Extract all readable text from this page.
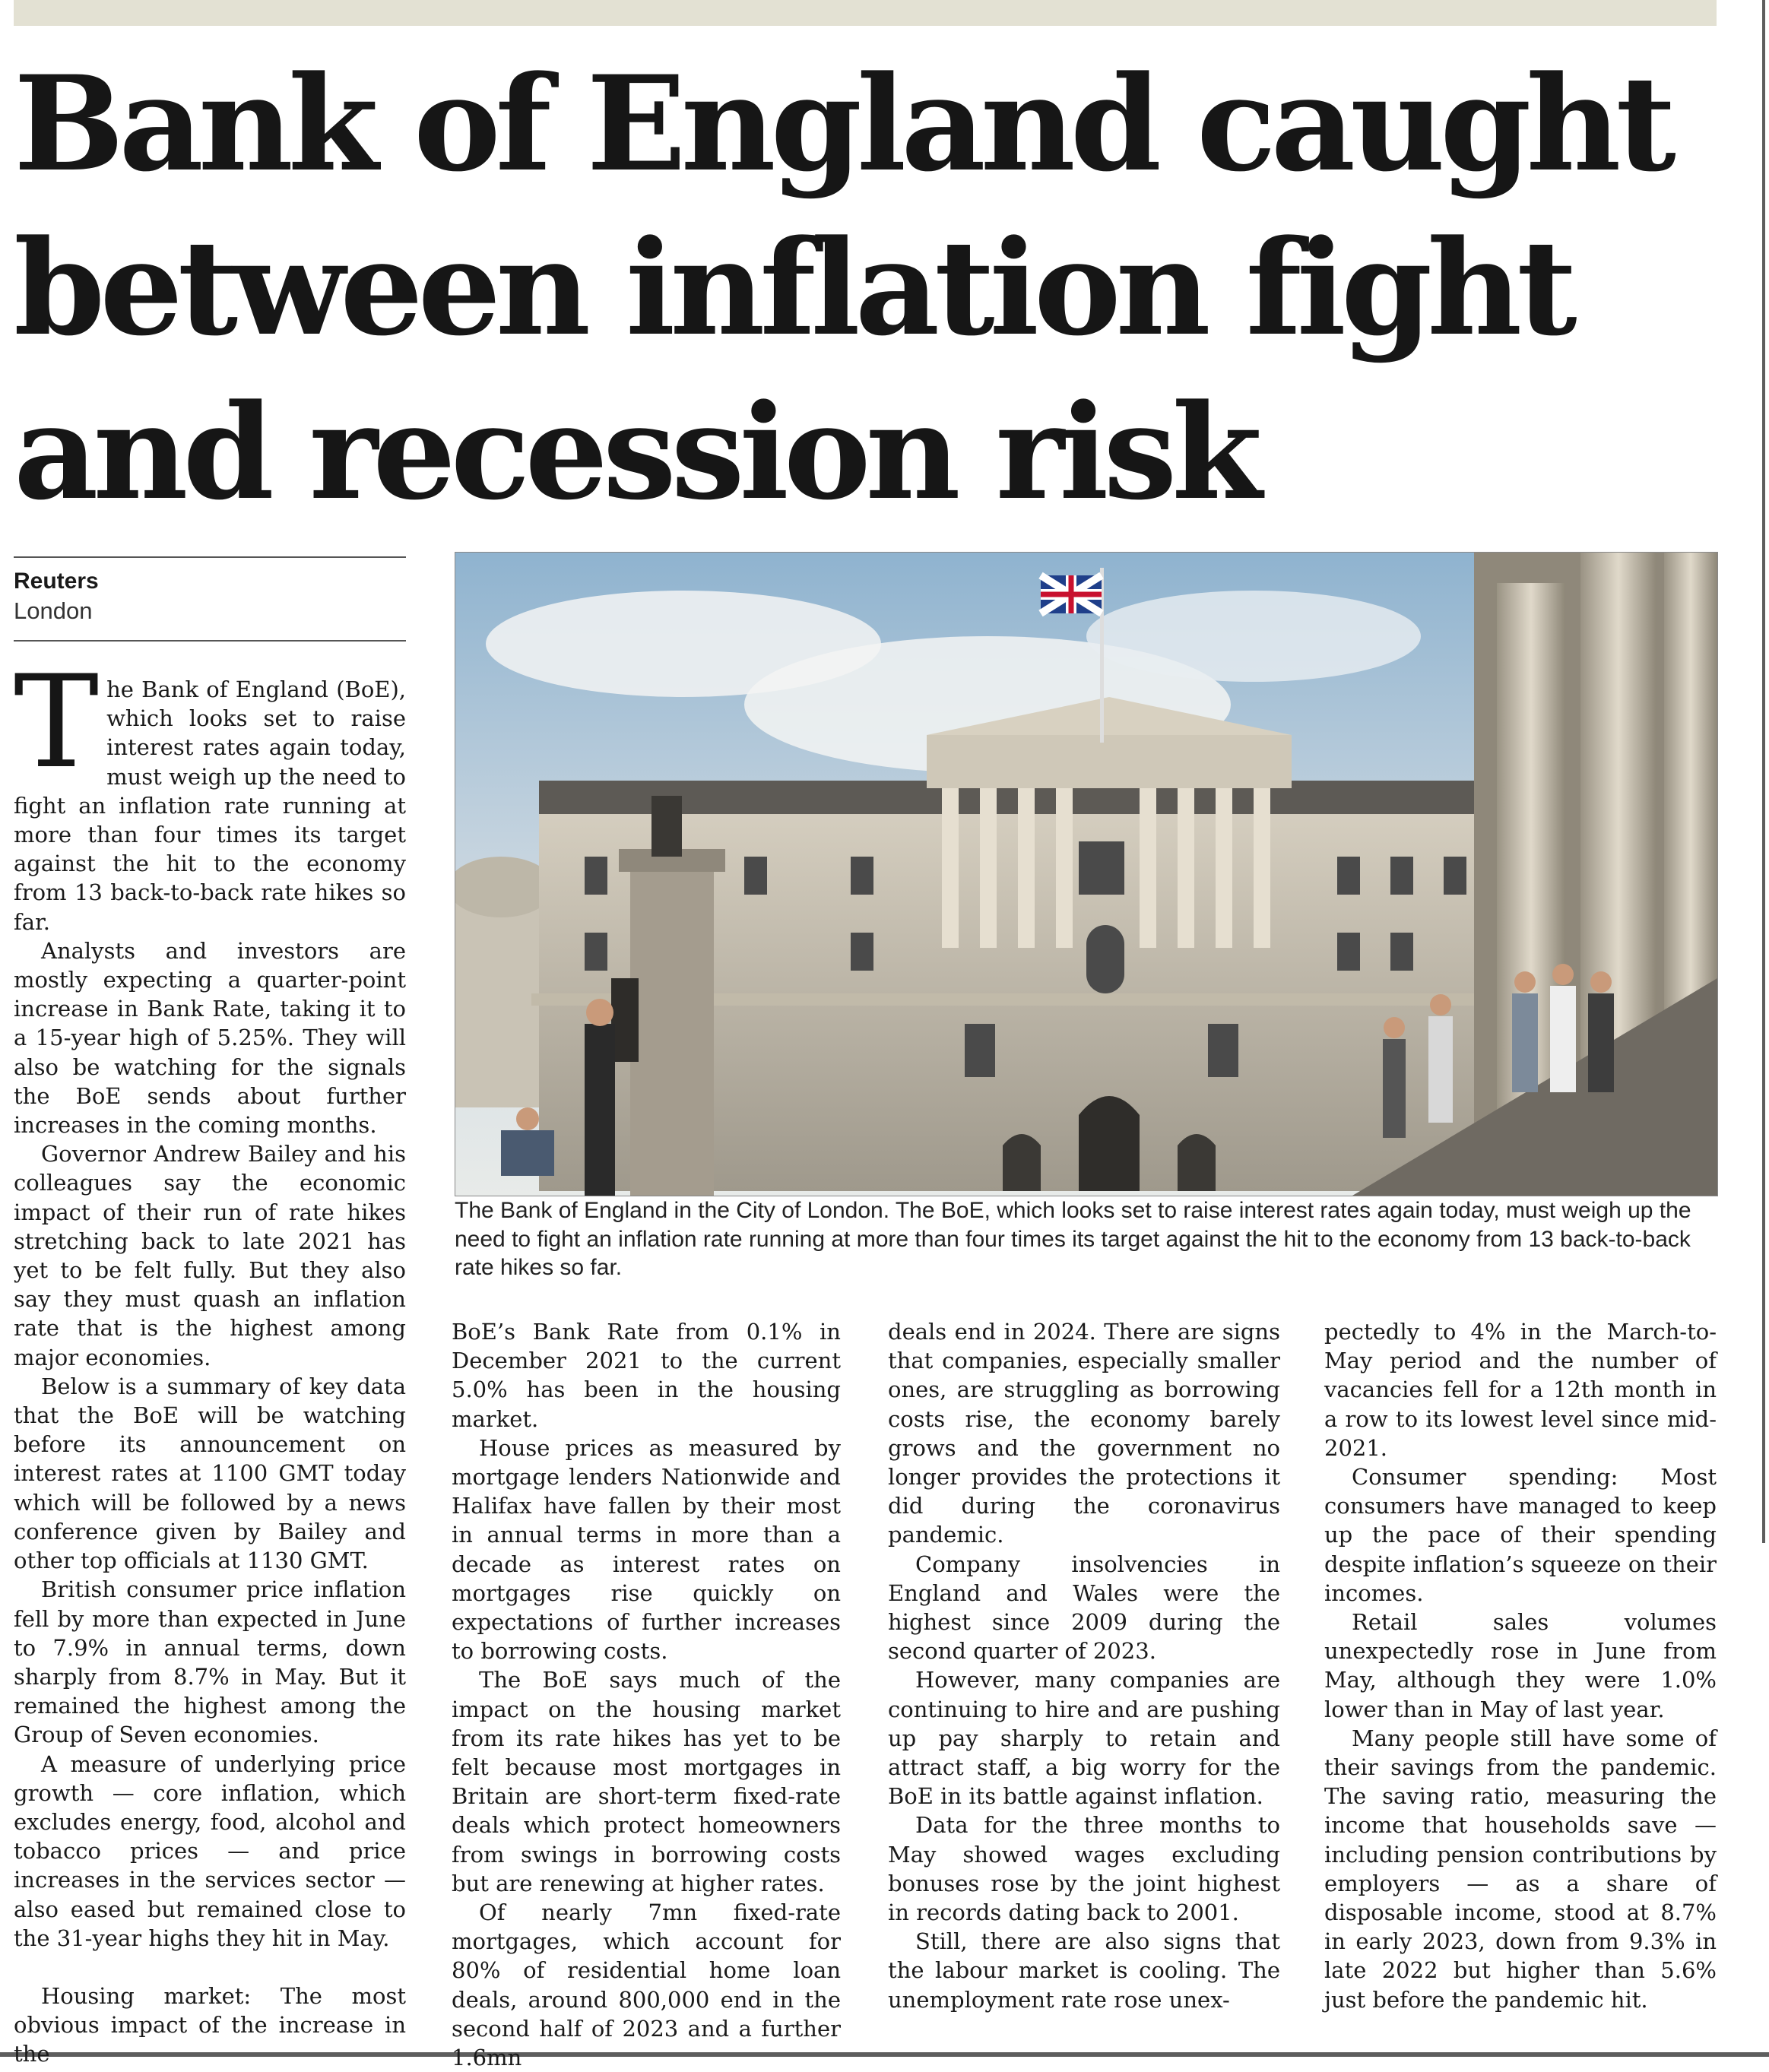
Bank of England caught between inflation fight and recession risk
Reuters
London

The Bank of England (BoE), which looks set to raise interest rates again today, must weigh up the need to fight an inflation rate running at more than four times its target against the hit to the economy from 13 back-to-back rate hikes so far.

Analysts and investors are mostly expecting a quarter-point increase in Bank Rate, taking it to a 15-year high of 5.25%. They will also be watching for the signals the BoE sends about further increases in the coming months.

Governor Andrew Bailey and his colleagues say the economic impact of their run of rate hikes stretching back to late 2021 has yet to be felt fully. But they also say they must quash an inflation rate that is the highest among major economies.

Below is a summary of key data that the BoE will be watching before its announcement on interest rates at 1100 GMT today which will be followed by a news conference given by Bailey and other top officials at 1130 GMT.

British consumer price inflation fell by more than expected in June to 7.9% in annual terms, down sharply from 8.7% in May. But it remained the highest among the Group of Seven economies.

A measure of underlying price growth — core inflation, which excludes energy, food, alcohol and tobacco prices — and price increases in the services sector — also eased but remained close to the 31-year highs they hit in May.

Housing market: The most obvious impact of the increase in the

The Bank of England in the City of London. The BoE, which looks set to raise interest rates again today, must weigh up the need to fight an inflation rate running at more than four times its target against the hit to the economy from 13 back-to-back rate hikes so far.

BoE’s Bank Rate from 0.1% in December 2021 to the current 5.0% has been in the housing market.

House prices as measured by mortgage lenders Nationwide and Halifax have fallen by their most in annual terms in more than a decade as interest rates on mortgages rise quickly on expectations of further increases to borrowing costs.

The BoE says much of the impact on the housing market from its rate hikes has yet to be felt because most mortgages in Britain are short-term fixed-rate deals which protect homeowners from swings in borrowing costs but are renewing at higher rates.

Of nearly 7mn fixed-rate mortgages, which account for 80% of residential home loan deals, around 800,000 end in the second half of 2023 and a further 1.6mn

deals end in 2024. There are signs that companies, especially smaller ones, are struggling as borrowing costs rise, the economy barely grows and the government no longer provides the protections it did during the coronavirus pandemic.

Company insolvencies in England and Wales were the highest since 2009 during the second quarter of 2023.

However, many companies are continuing to hire and are pushing up pay sharply to retain and attract staff, a big worry for the BoE in its battle against inflation.

Data for the three months to May showed wages excluding bonuses rose by the joint highest in records dating back to 2001.

Still, there are also signs that the labour market is cooling. The unemployment rate rose unex-

pectedly to 4% in the March-to-May period and the number of vacancies fell for a 12th month in a row to its lowest level since mid-2021.

Consumer spending: Most consumers have managed to keep up the pace of their spending despite inflation’s squeeze on their incomes.

Retail sales volumes unexpectedly rose in June from May, although they were 1.0% lower than in May of last year.

Many people still have some of their savings from the pandemic. The saving ratio, measuring the income that households save — including pension contributions by employers — as a share of disposable income, stood at 8.7% in early 2023, down from 9.3% in late 2022 but higher than 5.6% just before the pandemic hit.
